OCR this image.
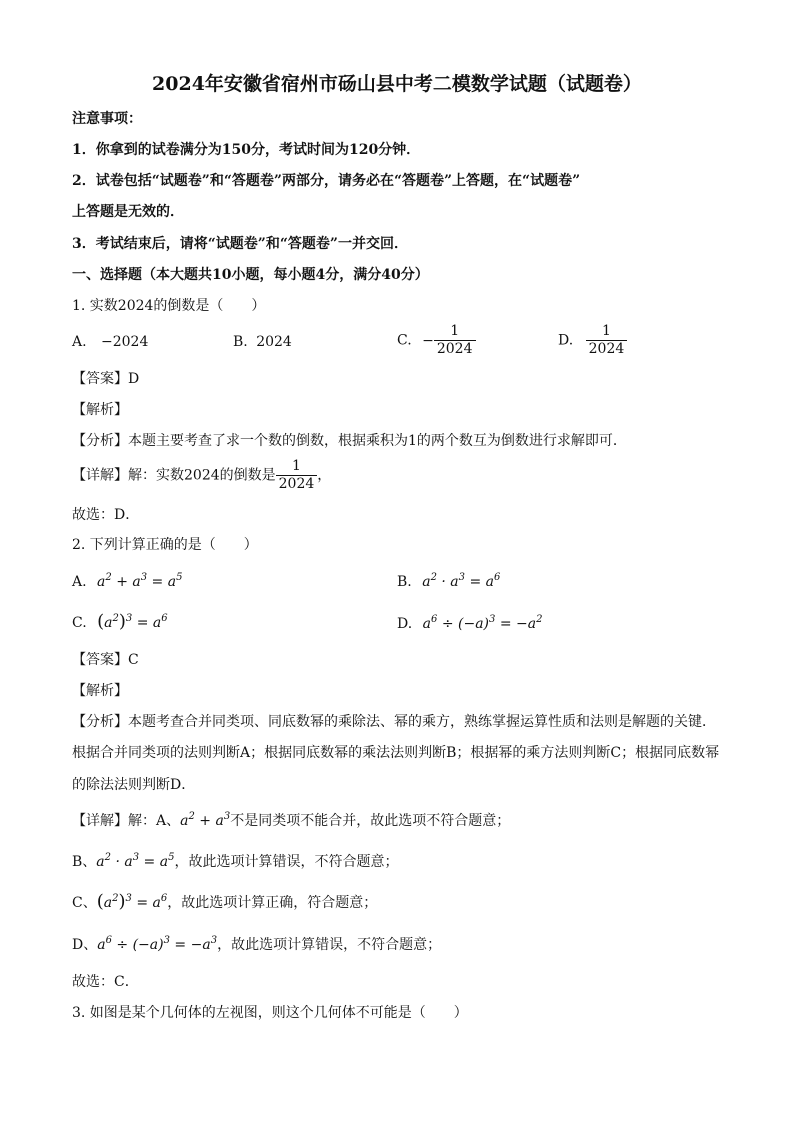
2024年安徽省宿州市砀山县中考二模数学试题（试题卷）
注意事项：
1．你拿到的试卷满分为150分，考试时间为120分钟．
2．试卷包括“试题卷”和“答题卷”两部分，请务必在“答题卷”上答题，在“试题卷”
上答题是无效的．
3．考试结束后，请将“试题卷”和“答题卷”一并交回．
一、选择题（本大题共10小题，每小题4分，满分40分）
1. 实数2024的倒数是（　　）
A. −2024	B. 2024	C. − $\frac{1}{2024}$	D. $\frac{1}{2024}$
【答案】D
【解析】
【分析】本题主要考查了求一个数的倒数，根据乘积为1的两个数互为倒数进行求解即可．
【详解】解：实数2024的倒数是 $\frac{1}{2024}$ ，
故选：D．
2. 下列计算正确的是（　　）
A. $a^2 + a^3 = a^5$	B. $a^2 \cdot a^3 = a^6$
C. $(a^2)^3 = a^6$	D. $a^6 \div (-a)^3 = -a^2$
【答案】C
【解析】
【分析】本题考查合并同类项、同底数幂的乘除法、幂的乘方，熟练掌握运算性质和法则是解题的关键．
根据合并同类项的法则判断A；根据同底数幂的乘法法则判断B；根据幂的乘方法则判断C；根据同底数幂
的除法法则判断D．
【详解】解：A、$a^2 + a^3$不是同类项不能合并，故此选项不符合题意；
B、$a^2 \cdot a^3 = a^5$，故此选项计算错误，不符合题意；
C、$(a^2)^3 = a^6$，故此选项计算正确，符合题意；
D、$a^6 \div (-a)^3 = -a^3$，故此选项计算错误，不符合题意；
故选：C．
3. 如图是某个几何体的左视图，则这个几何体不可能是（　　）
